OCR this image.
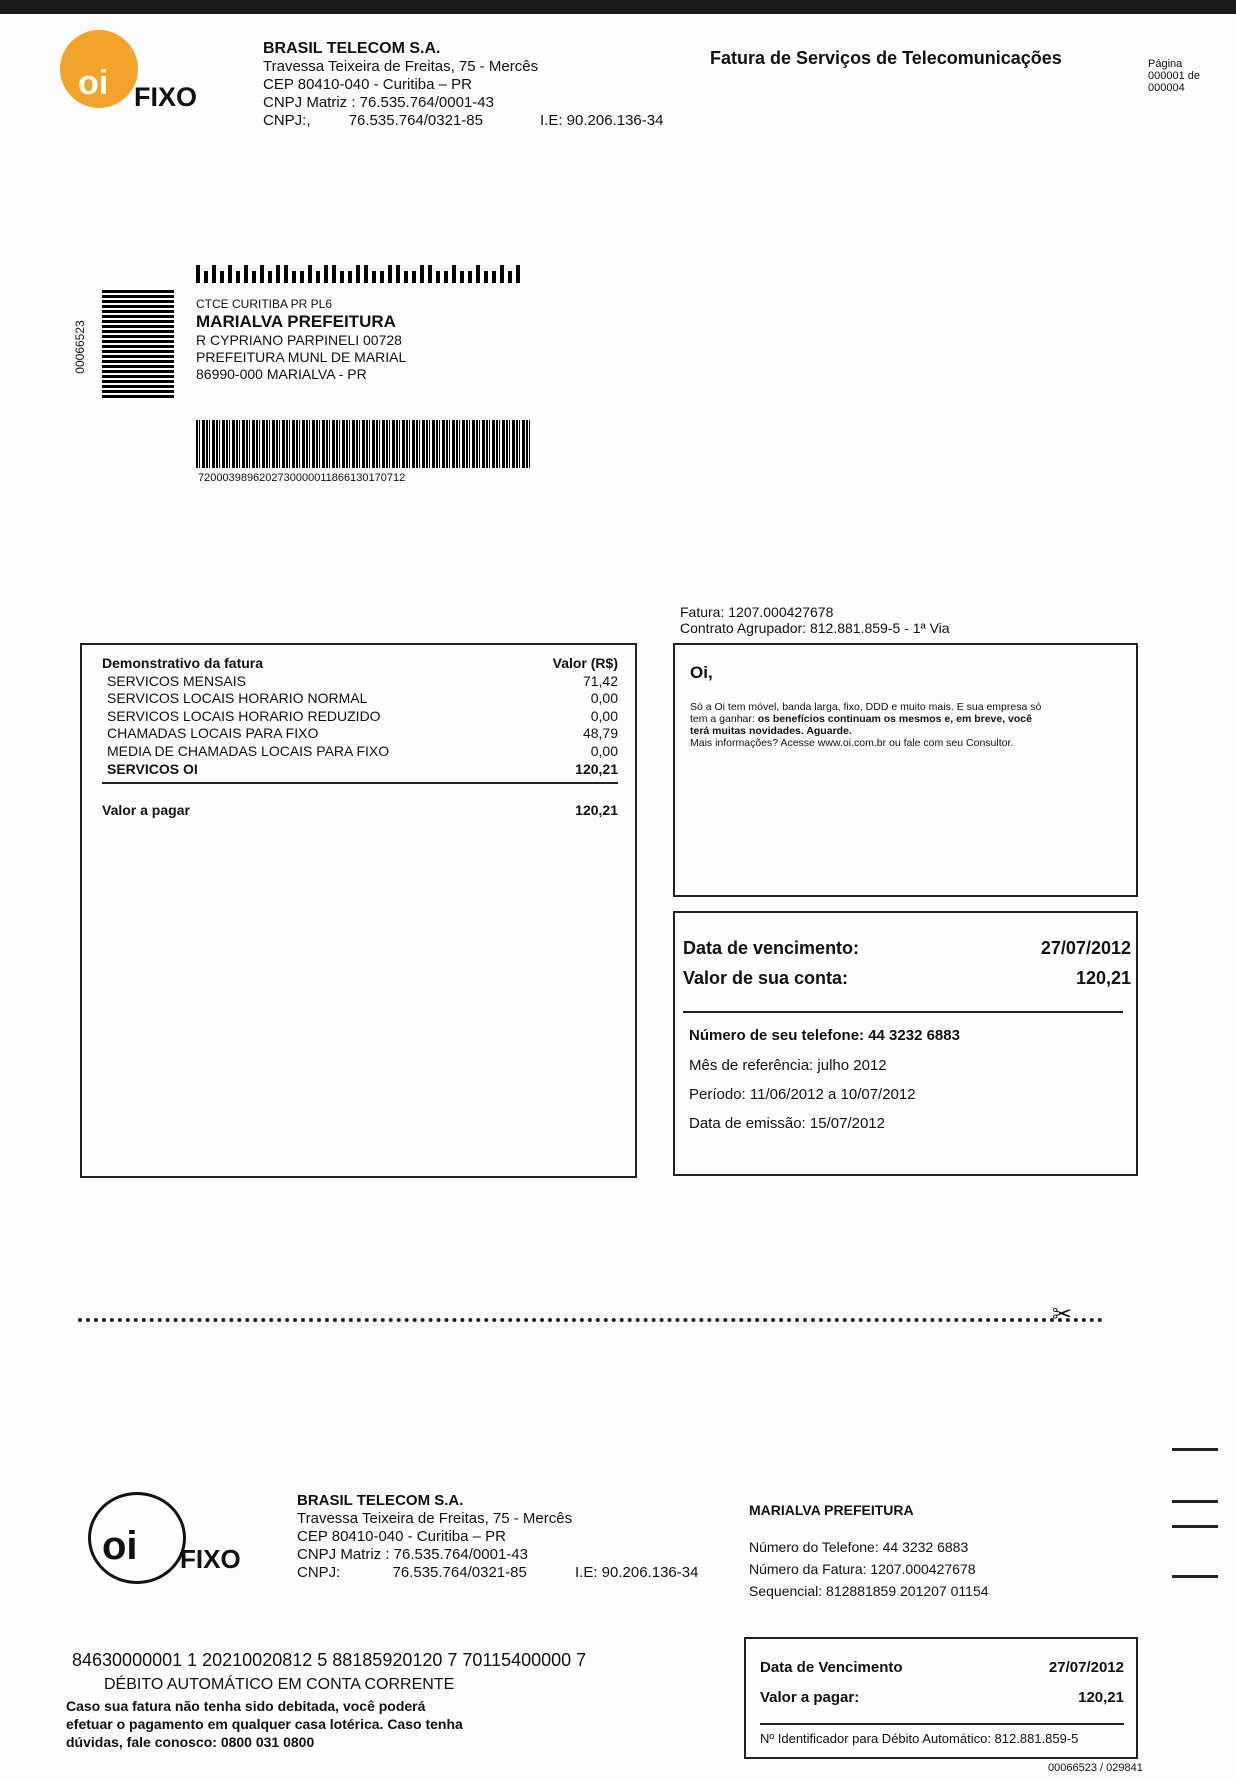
oi FIXO
BRASIL TELECOM S.A.
Travessa Teixeira de Freitas, 75 - Mercês
CEP 80410-040 - Curitiba – PR
CNPJ Matriz : 76.535.764/0001-43
CNPJ:,	76.535.764/0321-85	I.E: 90.206.136-34
Fatura de Serviços de Telecomunicações	Página
000001 de
000004
00066523
CTCE CURITIBA PR PL6
MARIALVA PREFEITURA
R CYPRIANO PARPINELI 00728
PREFEITURA MUNL DE MARIAL
86990-000 MARIALVA - PR
7200039896202730000011866130170712
Fatura: 1207.000427678
Contrato Agrupador: 812.881.859-5 - 1ª Via
Demonstrativo da fatura	Valor (R$)
SERVICOS MENSAIS	71,42
SERVICOS LOCAIS HORARIO NORMAL	0,00
SERVICOS LOCAIS HORARIO REDUZIDO	0,00
CHAMADAS LOCAIS PARA FIXO	48,79
MEDIA DE CHAMADAS LOCAIS PARA FIXO	0,00
SERVICOS OI	120,21
Valor a pagar	120,21
Oi,
Só a Oi tem móvel, banda larga, fixo, DDD e muito mais. E sua empresa só
tem a ganhar: os benefícios continuam os mesmos e, em breve, você
terá muitas novidades. Aguarde.
Mais informações? Acesse www.oi.com.br ou fale com seu Consultor.
Data de vencimento:	27/07/2012
Valor de sua conta:	120,21
Número de seu telefone: 44 3232 6883
Mês de referência: julho 2012
Período: 11/06/2012 a 10/07/2012
Data de emissão: 15/07/2012
✂
oi FIXO
BRASIL TELECOM S.A.
Travessa Teixeira de Freitas, 75 - Mercês
CEP 80410-040 - Curitiba – PR
CNPJ Matriz : 76.535.764/0001-43
CNPJ:	76.535.764/0321-85	I.E: 90.206.136-34
MARIALVA PREFEITURA
Número do Telefone: 44 3232 6883
Número da Fatura: 1207.000427678
Sequencial: 812881859 201207 01154
84630000001 1 20210020812 5 88185920120 7 70115400000 7
DÉBITO AUTOMÁTICO EM CONTA CORRENTE
Caso sua fatura não tenha sido debitada, você poderá
efetuar o pagamento em qualquer casa lotérica. Caso tenha
dúvidas, fale conosco: 0800 031 0800
Data de Vencimento	27/07/2012
Valor a pagar:	120,21
Nº Identificador para Débito Automático: 812.881.859-5
00066523 / 029841
